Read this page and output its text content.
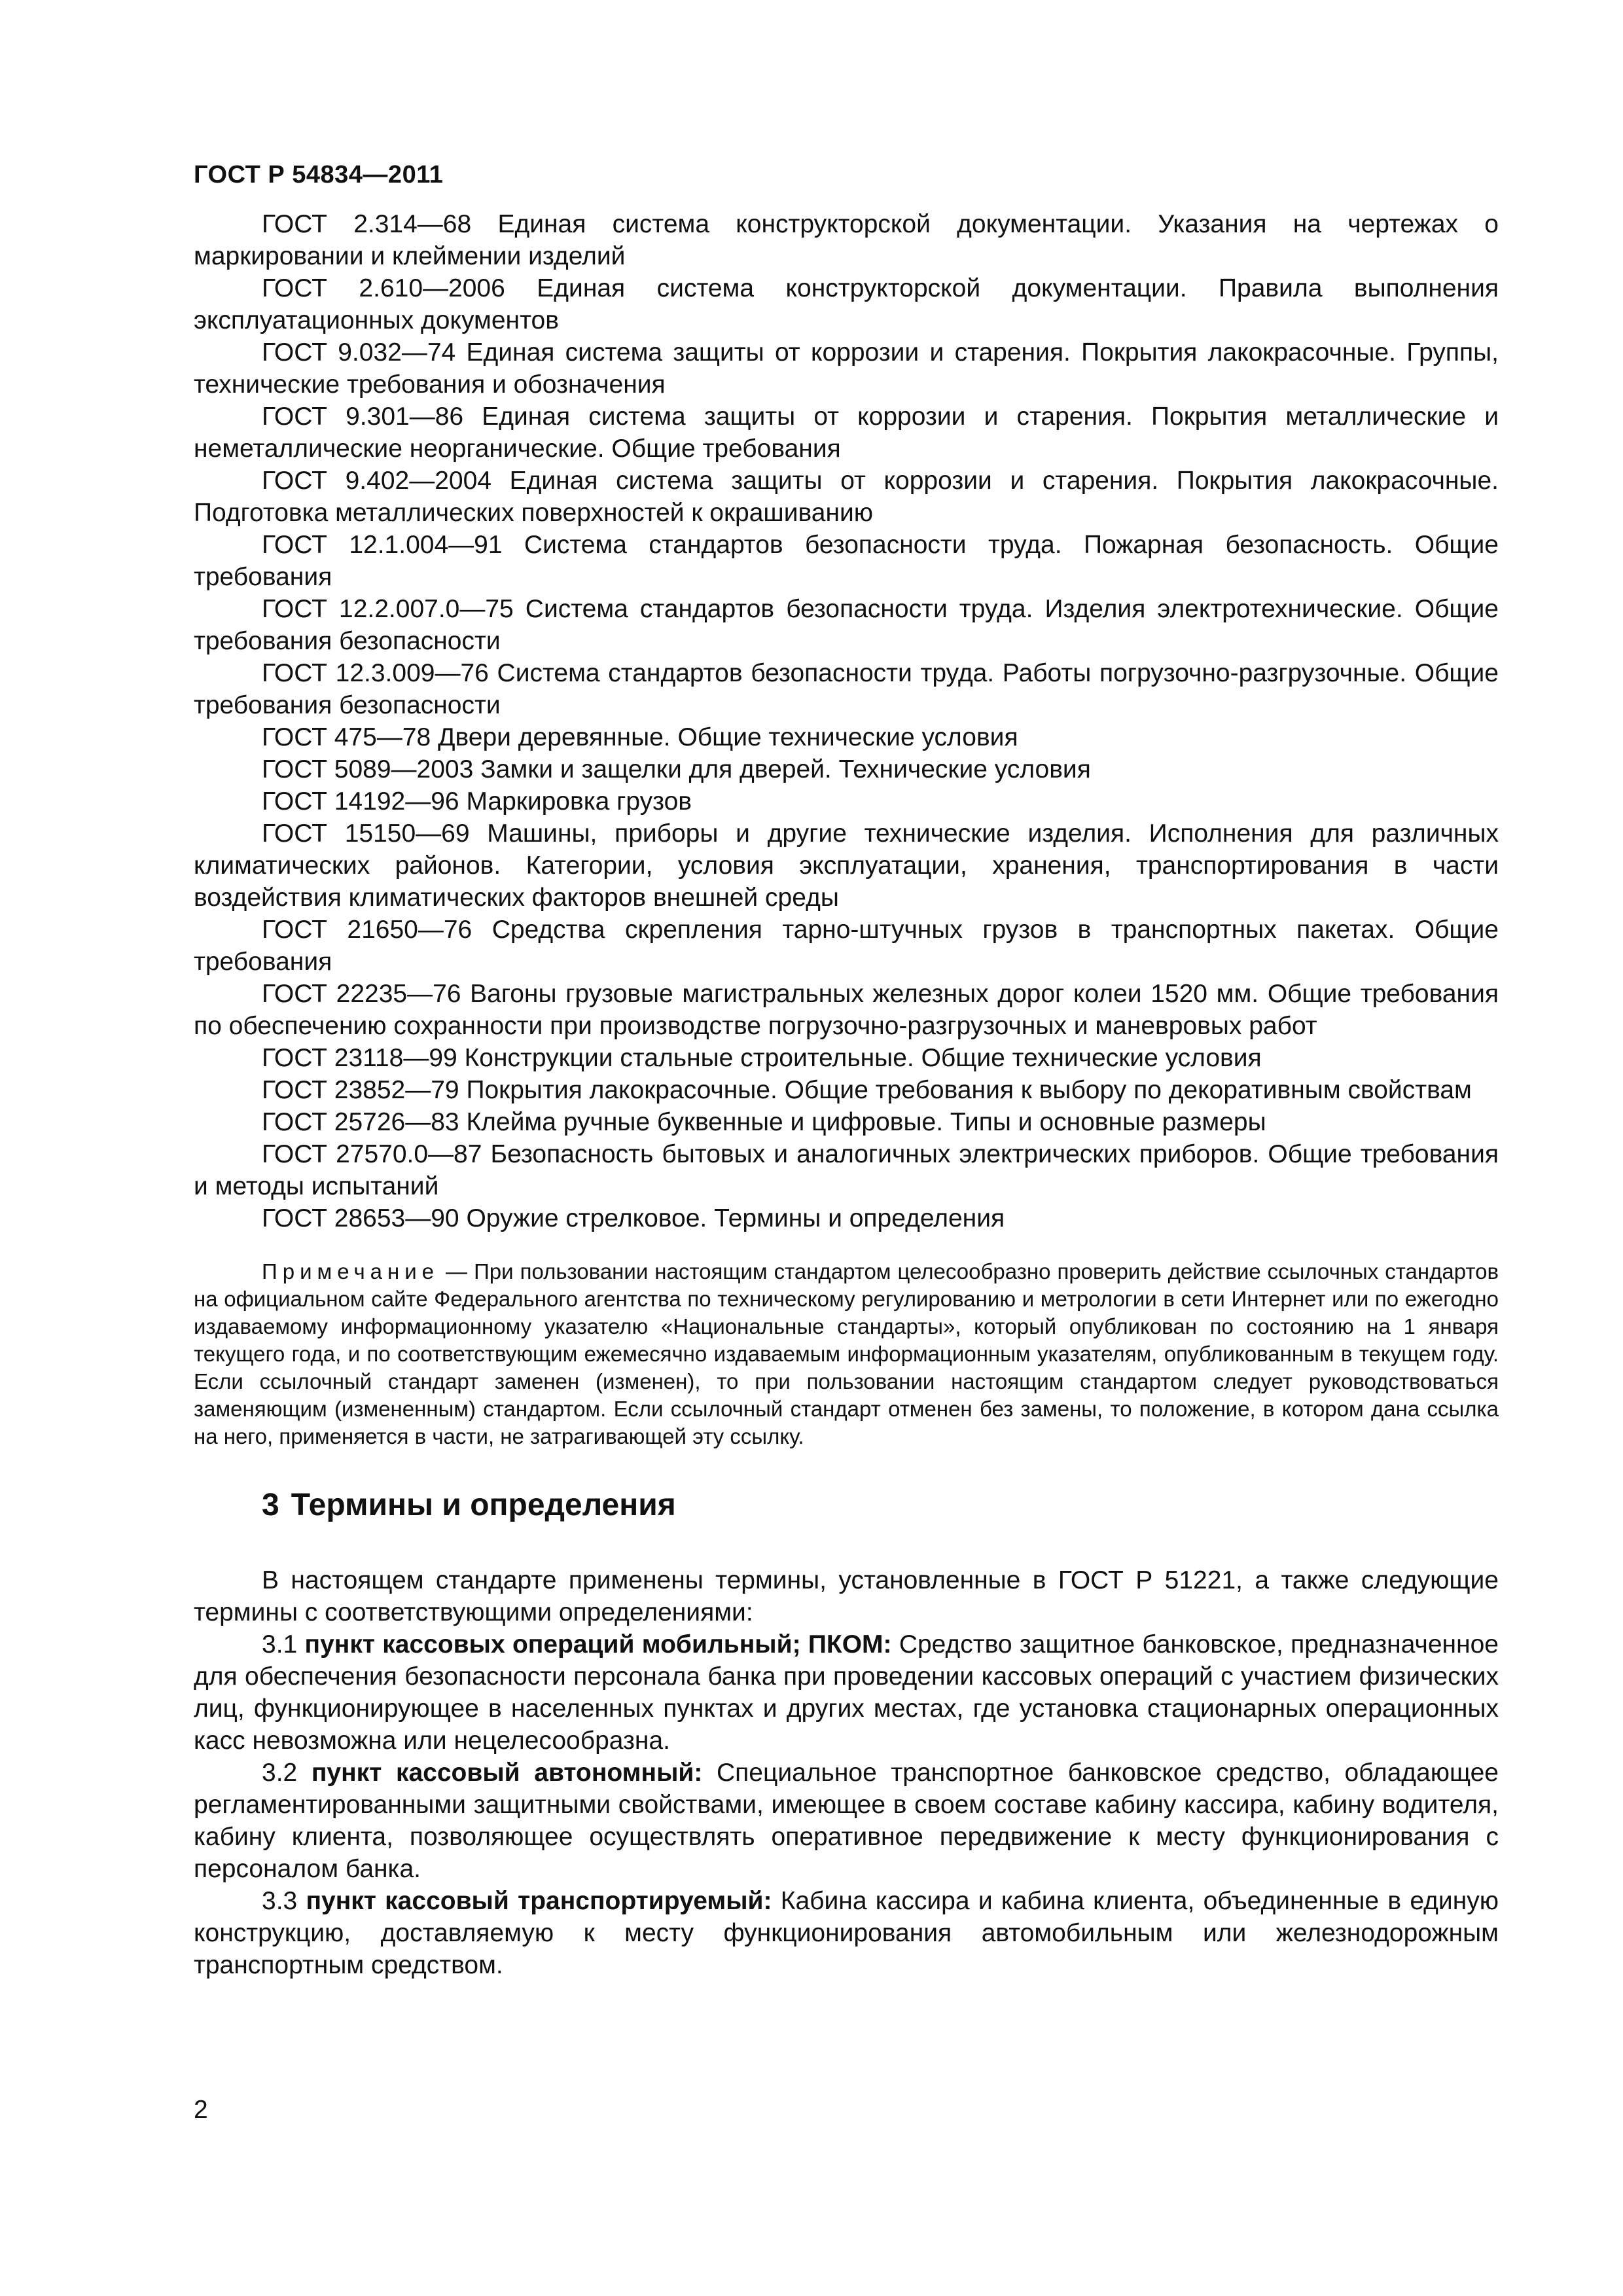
ГОСТ Р 54834—2011

ГОСТ 2.314—68 Единая система конструкторской документации. Указания на чертежах о маркировании и клеймении изделий

ГОСТ 2.610—2006 Единая система конструкторской документации. Правила выполнения эксплуатационных документов

ГОСТ 9.032—74 Единая система защиты от коррозии и старения. Покрытия лакокрасочные. Группы, технические требования и обозначения

ГОСТ 9.301—86 Единая система защиты от коррозии и старения. Покрытия металлические и неметаллические неорганические. Общие требования

ГОСТ 9.402—2004 Единая система защиты от коррозии и старения. Покрытия лакокрасочные. Подготовка металлических поверхностей к окрашиванию

ГОСТ 12.1.004—91 Система стандартов безопасности труда. Пожарная безопасность. Общие требования

ГОСТ 12.2.007.0—75 Система стандартов безопасности труда. Изделия электротехнические. Общие требования безопасности

ГОСТ 12.3.009—76 Система стандартов безопасности труда. Работы погрузочно-разгрузочные. Общие требования безопасности

ГОСТ 475—78 Двери деревянные. Общие технические условия

ГОСТ 5089—2003 Замки и защелки для дверей. Технические условия

ГОСТ 14192—96 Маркировка грузов

ГОСТ 15150—69 Машины, приборы и другие технические изделия. Исполнения для различных климатических районов. Категории, условия эксплуатации, хранения, транспортирования в части воздействия климатических факторов внешней среды

ГОСТ 21650—76 Средства скрепления тарно-штучных грузов в транспортных пакетах. Общие требования

ГОСТ 22235—76 Вагоны грузовые магистральных железных дорог колеи 1520 мм. Общие требования по обеспечению сохранности при производстве погрузочно-разгрузочных и маневровых работ

ГОСТ 23118—99 Конструкции стальные строительные. Общие технические условия

ГОСТ 23852—79 Покрытия лакокрасочные. Общие требования к выбору по декоративным свойствам

ГОСТ 25726—83 Клейма ручные буквенные и цифровые. Типы и основные размеры

ГОСТ 27570.0—87 Безопасность бытовых и аналогичных электрических приборов. Общие требования и методы испытаний

ГОСТ 28653—90 Оружие стрелковое. Термины и определения

Примечание — При пользовании настоящим стандартом целесообразно проверить действие ссылочных стандартов на официальном сайте Федерального агентства по техническому регулированию и метрологии в сети Интернет или по ежегодно издаваемому информационному указателю «Национальные стандарты», который опубликован по состоянию на 1 января текущего года, и по соответствующим ежемесячно издаваемым информационным указателям, опубликованным в текущем году. Если ссылочный стандарт заменен (изменен), то при пользовании настоящим стандартом следует руководствоваться заменяющим (измененным) стандартом. Если ссылочный стандарт отменен без замены, то положение, в котором дана ссылка на него, применяется в части, не затрагивающей эту ссылку.

3 Термины и определения

В настоящем стандарте применены термины, установленные в ГОСТ Р 51221, а также следующие термины с соответствующими определениями:

3.1 пункт кассовых операций мобильный; ПКОМ: Средство защитное банковское, предназначенное для обеспечения безопасности персонала банка при проведении кассовых операций с участием физических лиц, функционирующее в населенных пунктах и других местах, где установка стационарных операционных касс невозможна или нецелесообразна.

3.2 пункт кассовый автономный: Специальное транспортное банковское средство, обладающее регламентированными защитными свойствами, имеющее в своем составе кабину кассира, кабину водителя, кабину клиента, позволяющее осуществлять оперативное передвижение к месту функционирования с персоналом банка.

3.3 пункт кассовый транспортируемый: Кабина кассира и кабина клиента, объединенные в единую конструкцию, доставляемую к месту функционирования автомобильным или железнодорожным транспортным средством.

2
